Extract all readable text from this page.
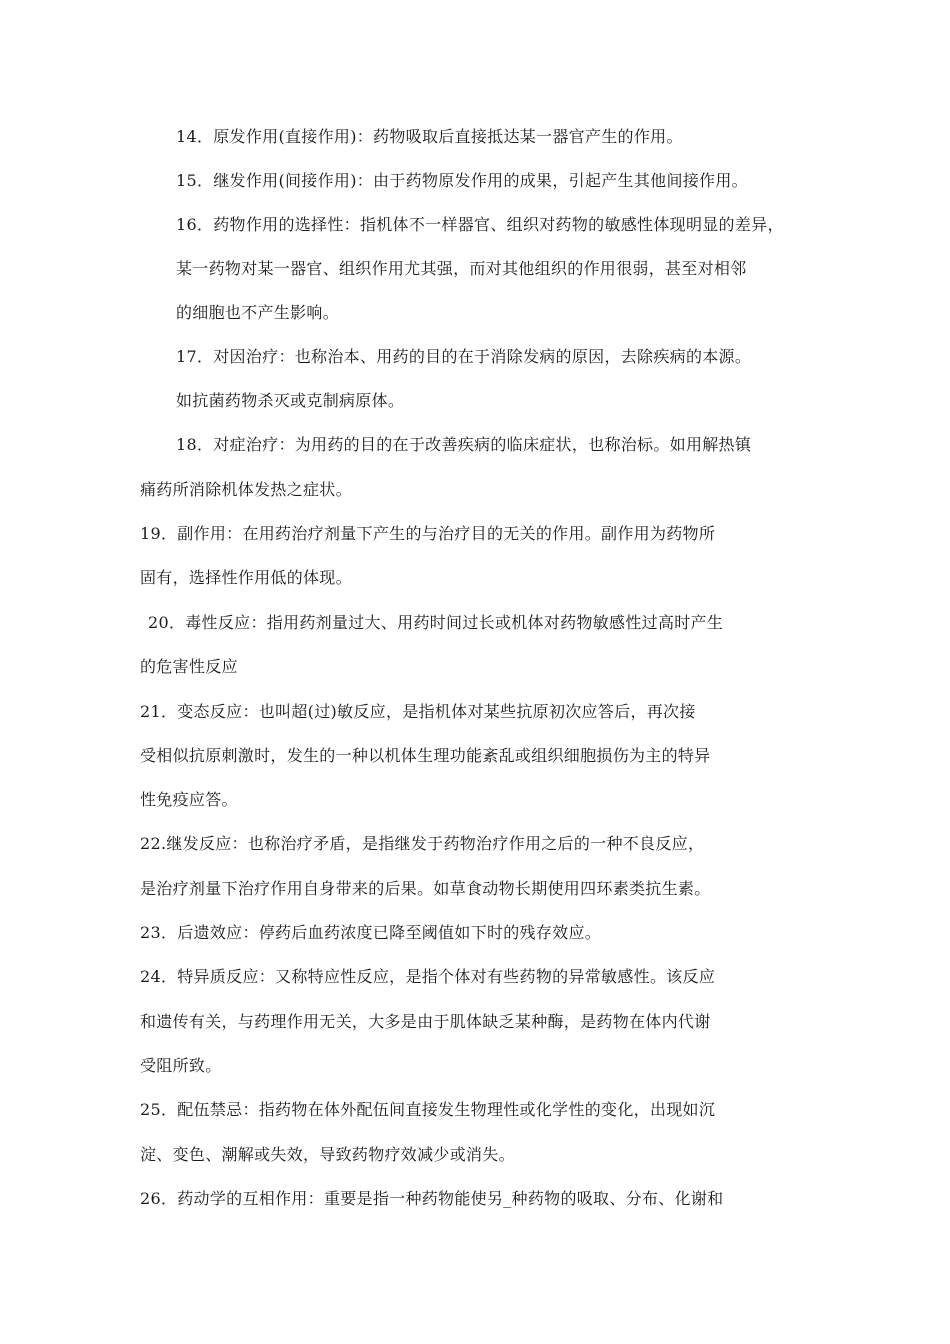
14．原发作用(直接作用)：药物吸取后直接抵达某一器官产生的作用。
15．继发作用(间接作用)：由于药物原发作用的成果，引起产生其他间接作用。
16．药物作用的选择性：指机体不一样器官、组织对药物的敏感性体现明显的差异，
某一药物对某一器官、组织作用尤其强，而对其他组织的作用很弱，甚至对相邻
的细胞也不产生影响。
17．对因治疗：也称治本、用药的目的在于消除发病的原因，去除疾病的本源。
如抗菌药物杀灭或克制病原体。
18．对症治疗：为用药的目的在于改善疾病的临床症状，也称治标。如用解热镇
痛药所消除机体发热之症状。
19．副作用：在用药治疗剂量下产生的与治疗目的无关的作用。副作用为药物所
固有，选择性作用低的体现。
20．毒性反应：指用药剂量过大、用药时间过长或机体对药物敏感性过高时产生
的危害性反应
21．变态反应：也叫超(过)敏反应，是指机体对某些抗原初次应答后，再次接
受相似抗原刺激时，发生的一种以机体生理功能紊乱或组织细胞损伤为主的特异
性免疫应答。
22.继发反应：也称治疗矛盾，是指继发于药物治疗作用之后的一种不良反应，
是治疗剂量下治疗作用自身带来的后果。如草食动物长期使用四环素类抗生素。
23．后遗效应：停药后血药浓度已降至阈值如下时的残存效应。
24．特异质反应：又称特应性反应，是指个体对有些药物的异常敏感性。该反应
和遗传有关，与药理作用无关，大多是由于肌体缺乏某种酶，是药物在体内代谢
受阻所致。
25．配伍禁忌：指药物在体外配伍间直接发生物理性或化学性的变化，出现如沉
淀、变色、潮解或失效，导致药物疗效减少或消失。
26．药动学的互相作用：重要是指一种药物能使另_种药物的吸取、分布、化谢和
